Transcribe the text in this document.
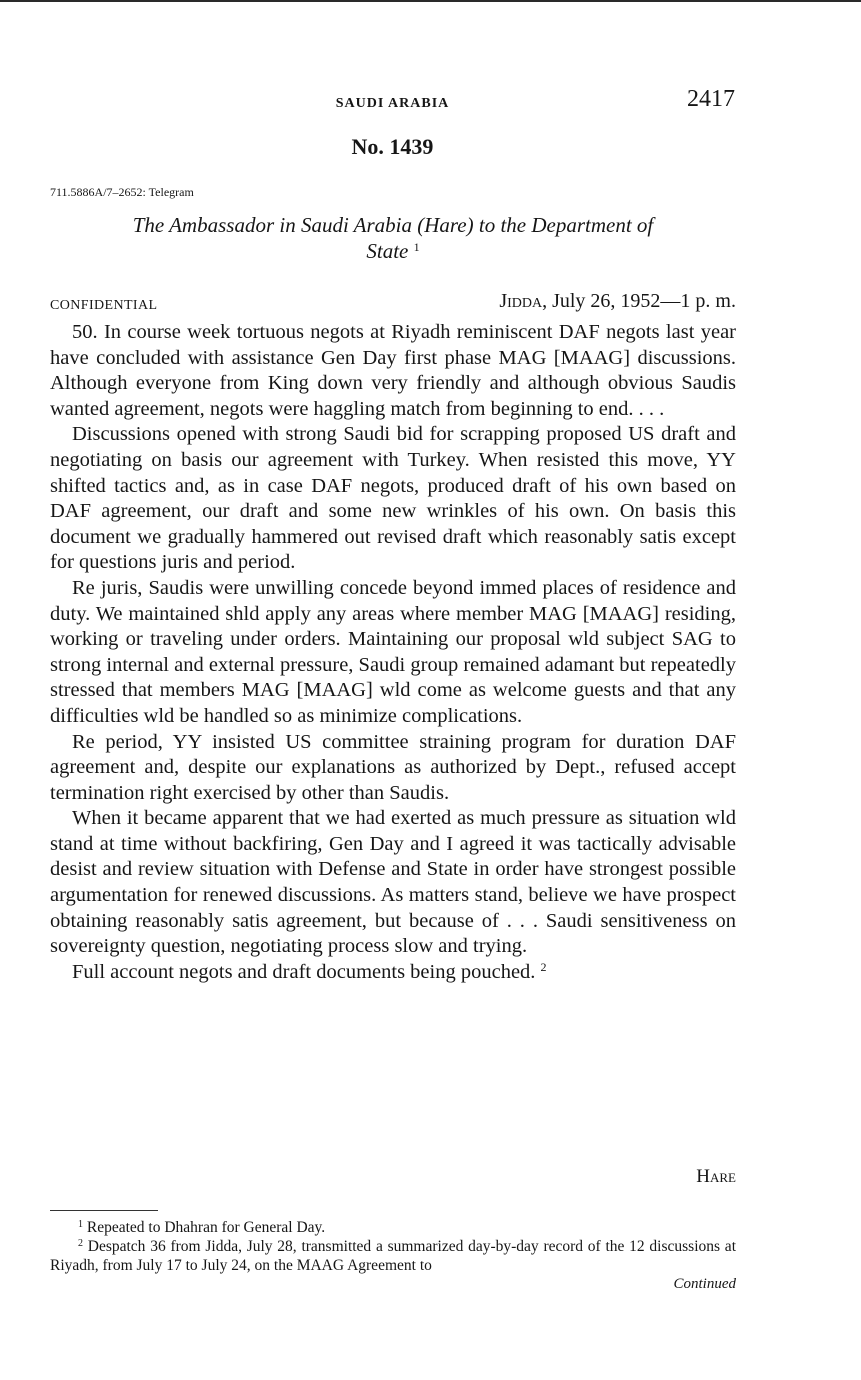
SAUDI ARABIA	2417
No. 1439
711.5886A/7–2652: Telegram
The Ambassador in Saudi Arabia (Hare) to the Department of
State $^1$
CONFIDENTIAL	Jidda, July 26, 1952—1 p. m.

50. In course week tortuous negots at Riyadh reminiscent DAF negots last year have concluded with assistance Gen Day first phase MAG [MAAG] discussions. Although everyone from King down very friendly and although obvious Saudis wanted agreement, negots were haggling match from beginning to end. . . .

Discussions opened with strong Saudi bid for scrapping proposed US draft and negotiating on basis our agreement with Turkey. When resisted this move, YY shifted tactics and, as in case DAF negots, produced draft of his own based on DAF agreement, our draft and some new wrinkles of his own. On basis this document we gradually hammered out revised draft which reasonably satis except for questions juris and period.

Re juris, Saudis were unwilling concede beyond immed places of residence and duty. We maintained shld apply any areas where member MAG [MAAG] residing, working or traveling under orders. Maintaining our proposal wld subject SAG to strong internal and external pressure, Saudi group remained adamant but repeatedly stressed that members MAG [MAAG] wld come as welcome guests and that any difficulties wld be handled so as minimize complications.

Re period, YY insisted US committee straining program for duration DAF agreement and, despite our explanations as authorized by Dept., refused accept termination right exercised by other than Saudis.

When it became apparent that we had exerted as much pressure as situation wld stand at time without backfiring, Gen Day and I agreed it was tactically advisable desist and review situation with Defense and State in order have strongest possible argumentation for renewed discussions. As matters stand, believe we have prospect obtaining reasonably satis agreement, but because of . . . Saudi sensitiveness on sovereignty question, negotiating process slow and trying.

Full account negots and draft documents being pouched. $^2$

Hare

$^1$ Repeated to Dhahran for General Day.

$^2$ Despatch 36 from Jidda, July 28, transmitted a summarized day-by-day record of the 12 discussions at Riyadh, from July 17 to July 24, on the MAAG Agreement to

Continued
